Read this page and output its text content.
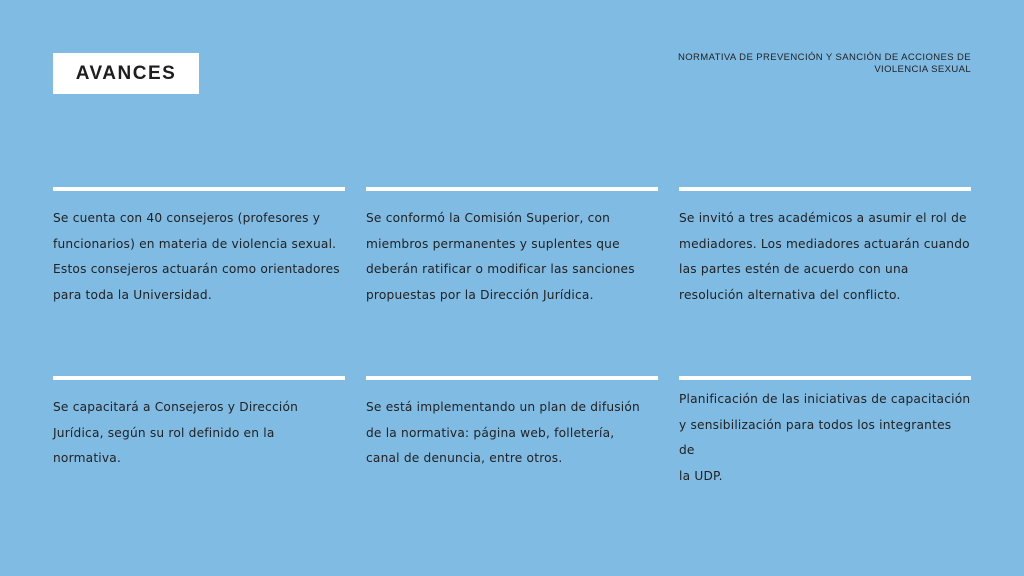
AVANCES
NORMATIVA DE PREVENCIÓN Y SANCIÓN DE ACCIONES DE
VIOLENCIA SEXUAL
Se cuenta con 40 consejeros (profesores y
funcionarios) en materia de violencia sexual.
Estos consejeros actuarán como orientadores
para toda la Universidad.
Se conformó la Comisión Superior, con
miembros permanentes y suplentes que
deberán ratificar o modificar las sanciones
propuestas por la Dirección Jurídica.
Se invitó a tres académicos a asumir el rol de
mediadores. Los mediadores actuarán cuando
las partes estén de acuerdo con una
resolución alternativa del conflicto.
Se capacitará a Consejeros y Dirección
Jurídica, según su rol definido en la normativa.
Se está implementando un plan de difusión
de la normativa: página web, folletería,
canal de denuncia, entre otros.
Planificación de las iniciativas de capacitación
y sensibilización para todos los integrantes de
la UDP.
